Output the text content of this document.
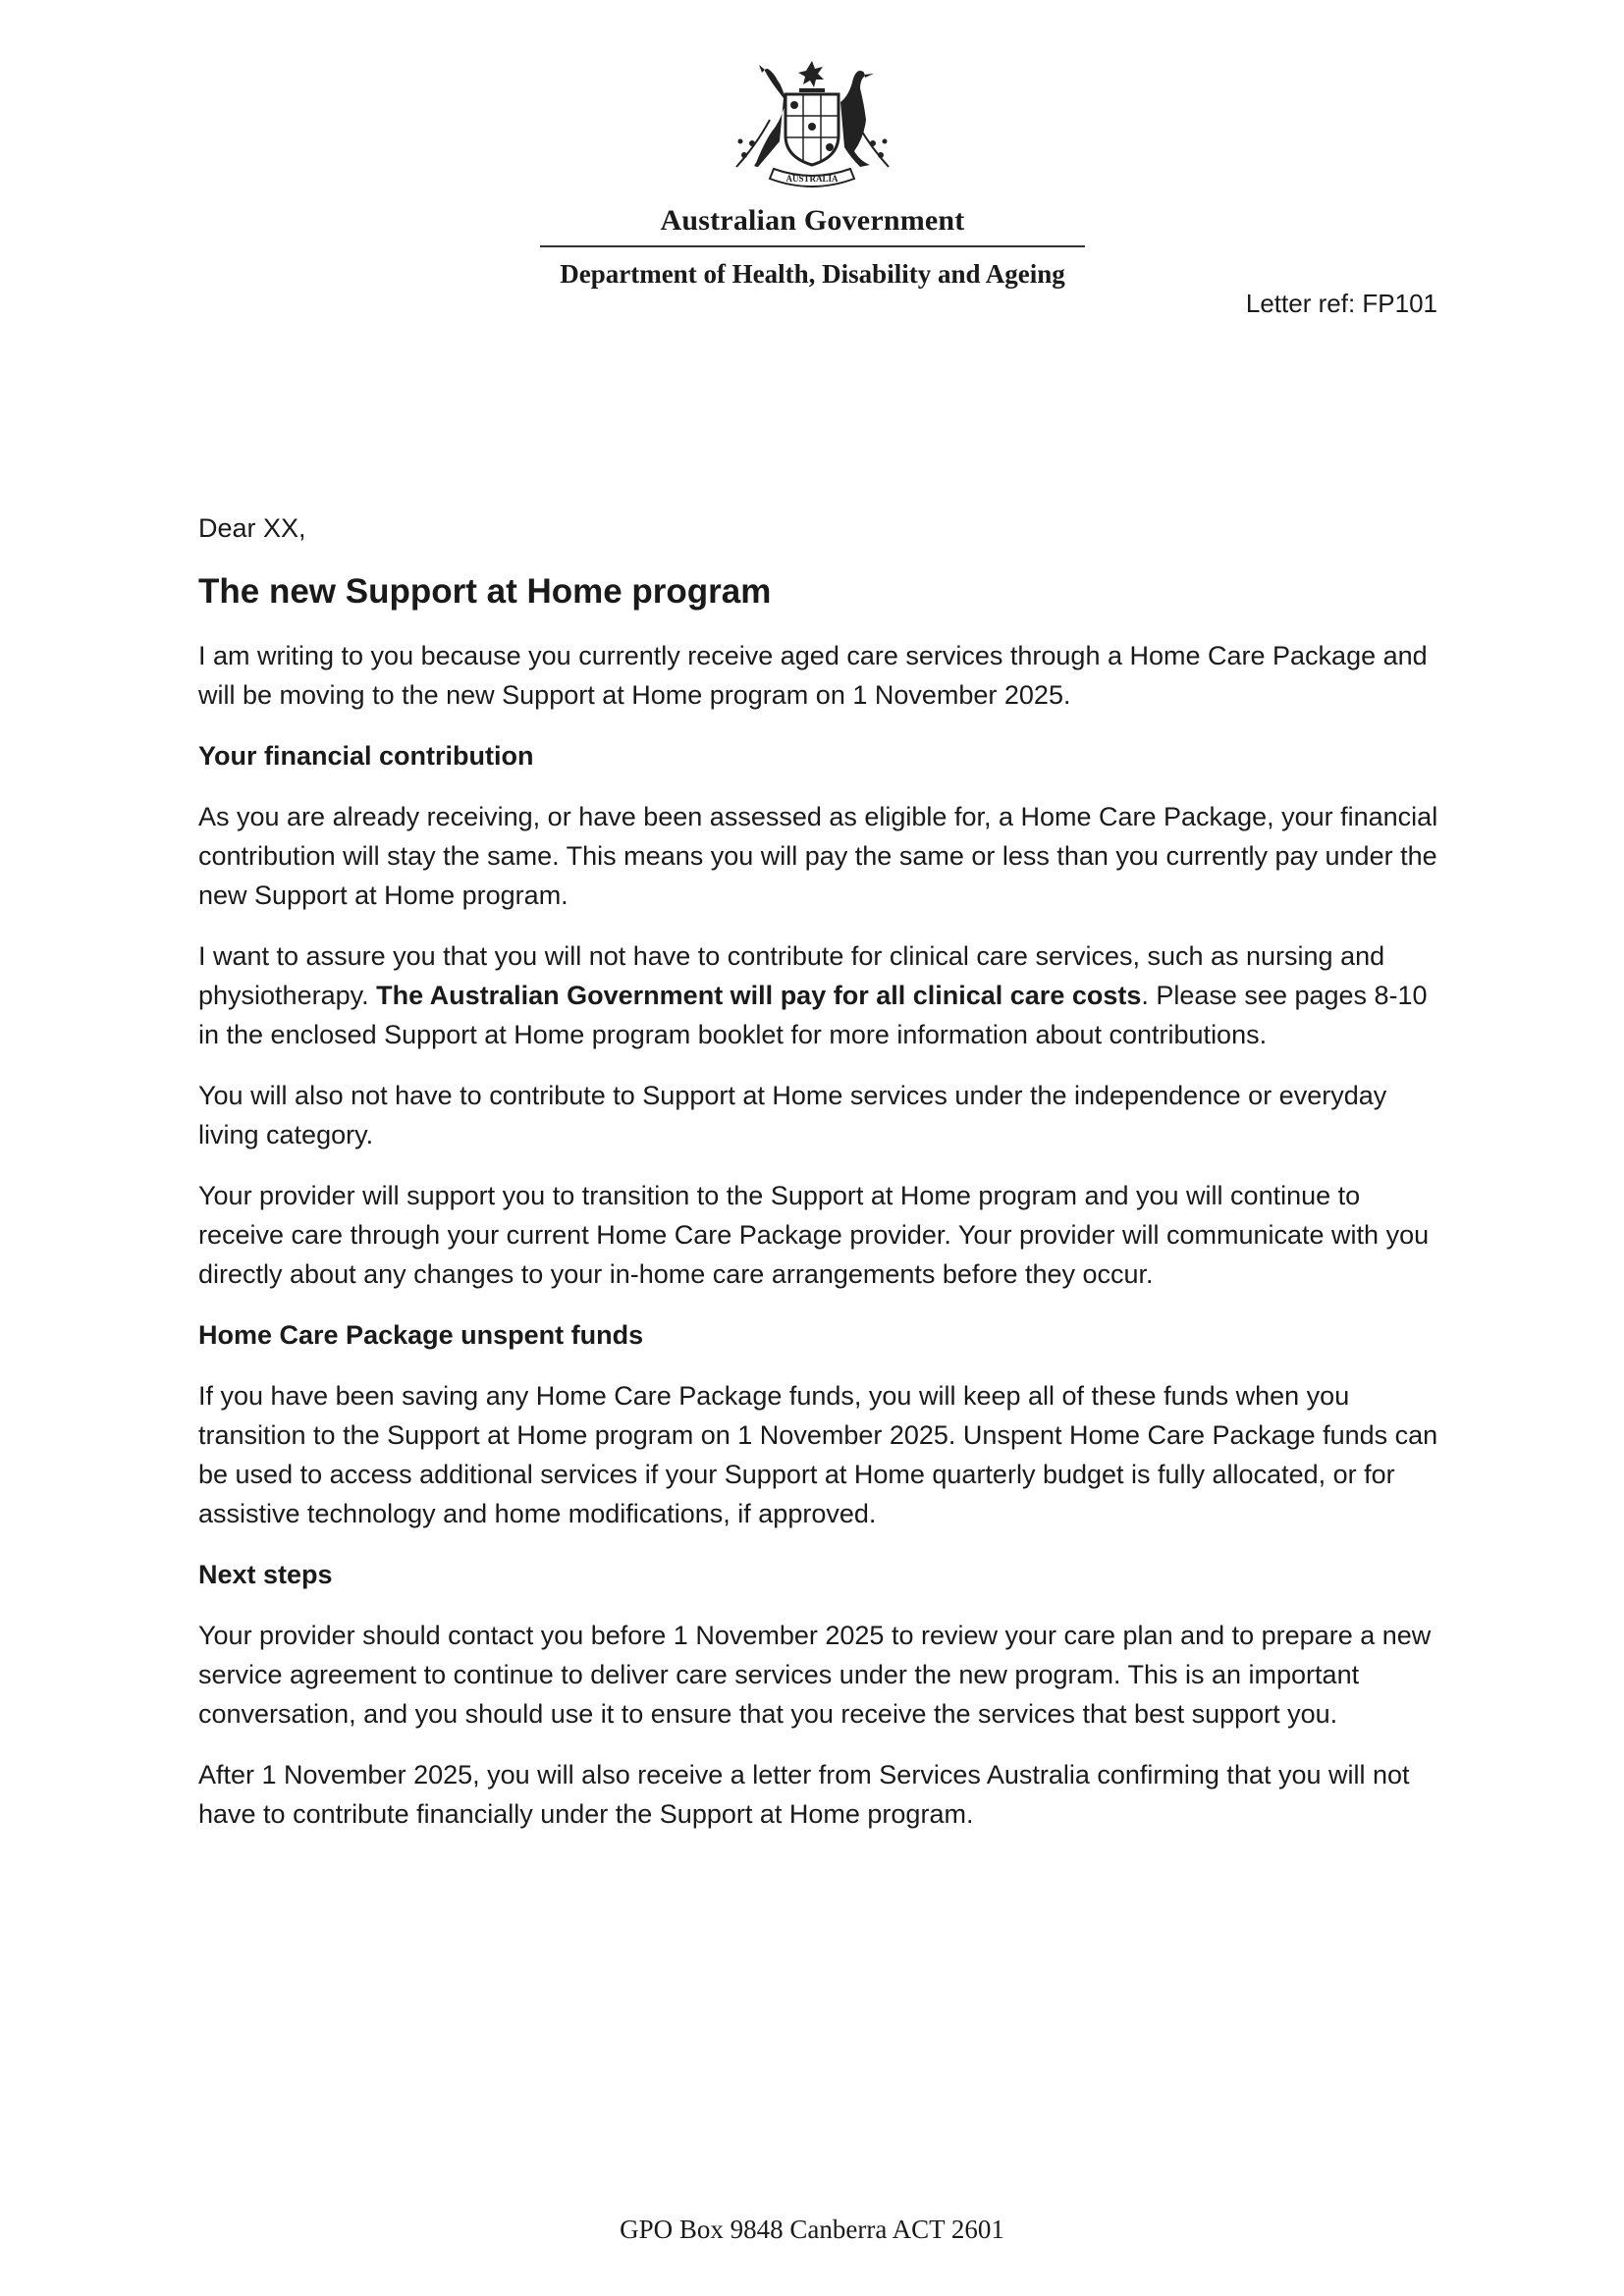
AUSTRALIA
Australian Government
Department of Health, Disability and Ageing
Letter ref: FP101
Dear XX,
The new Support at Home program

I am writing to you because you currently receive aged care services through a Home Care Package and will be moving to the new Support at Home program on 1 November 2025.

Your financial contribution

As you are already receiving, or have been assessed as eligible for, a Home Care Package, your financial contribution will stay the same. This means you will pay the same or less than you currently pay under the new Support at Home program.

I want to assure you that you will not have to contribute for clinical care services, such as nursing and physiotherapy. The Australian Government will pay for all clinical care costs. Please see pages 8-10 in the enclosed Support at Home program booklet for more information about contributions.

You will also not have to contribute to Support at Home services under the independence or everyday living category.

Your provider will support you to transition to the Support at Home program and you will continue to receive care through your current Home Care Package provider. Your provider will communicate with you directly about any changes to your in-home care arrangements before they occur.

Home Care Package unspent funds

If you have been saving any Home Care Package funds, you will keep all of these funds when you transition to the Support at Home program on 1 November 2025. Unspent Home Care Package funds can be used to access additional services if your Support at Home quarterly budget is fully allocated, or for assistive technology and home modifications, if approved.

Next steps

Your provider should contact you before 1 November 2025 to review your care plan and to prepare a new service agreement to continue to deliver care services under the new program. This is an important conversation, and you should use it to ensure that you receive the services that best support you.

After 1 November 2025, you will also receive a letter from Services Australia confirming that you will not have to contribute financially under the Support at Home program.

GPO Box 9848 Canberra ACT 2601
